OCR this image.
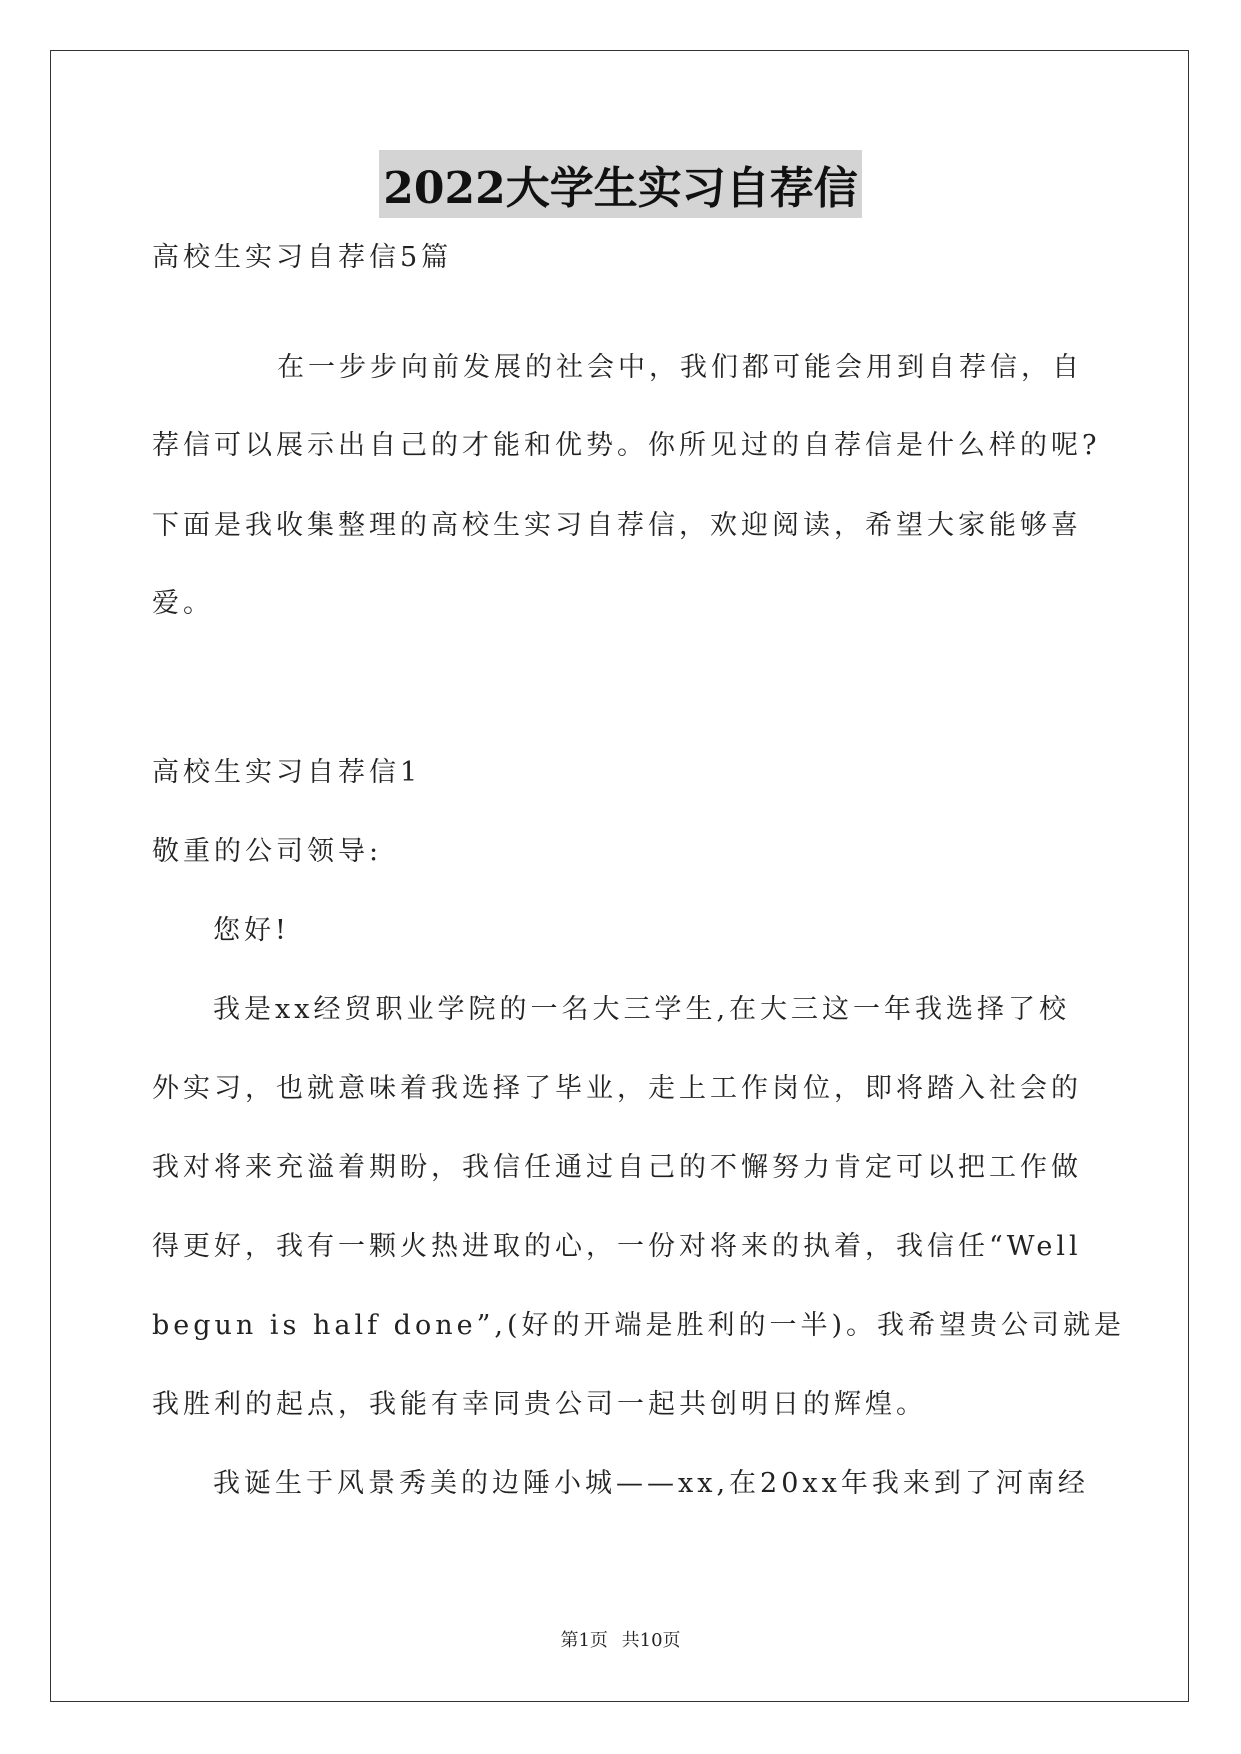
2022大学生实习自荐信
高校生实习自荐信5篇
在一步步向前发展的社会中，我们都可能会用到自荐信，自
荐信可以展示出自己的才能和优势。你所见过的自荐信是什么样的呢?
下面是我收集整理的高校生实习自荐信，欢迎阅读，希望大家能够喜
爱。
高校生实习自荐信1
敬重的公司领导:
您好!
我是xx经贸职业学院的一名大三学生,在大三这一年我选择了校
外实习，也就意味着我选择了毕业，走上工作岗位，即将踏入社会的
我对将来充溢着期盼，我信任通过自己的不懈努力肯定可以把工作做
得更好，我有一颗火热进取的心，一份对将来的执着，我信任“Well
begun is half done”,(好的开端是胜利的一半)。我希望贵公司就是
我胜利的起点，我能有幸同贵公司一起共创明日的辉煌。
我诞生于风景秀美的边陲小城——xx,在20xx年我来到了河南经
第1页 共10页
